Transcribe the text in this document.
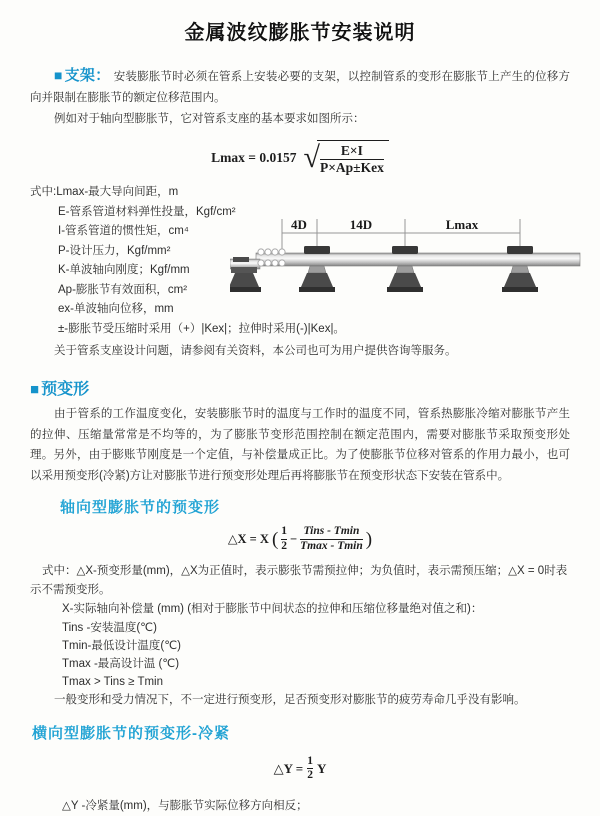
金属波纹膨胀节安装说明

■ 支架： 安装膨胀节时必须在管系上安装必要的支架，以控制管系的变形在膨胀节上产生的位移方向并限制在膨胀节的额定位移范围内。

例如对于轴向型膨胀节，它对管系支座的基本要求如图所示：

Lmax = 0.0157 √ $\frac{E\times I}{\text{P×Ap±Kex}}$
式中:Lmax-最大导向间距，m
E-管系管道材料弹性投量，Kgf/cm²
I-管系管道的惯性矩，cm⁴
P-设计压力，Kgf/mm²
K-单波轴向刚度；Kgf/mm
Ap-膨胀节有效面积，cm²
ex-单波轴向位移，mm
±-膨胀节受压缩时采用（+）|Kex|；拉伸时采用(-)|Kex|。
4D	14D	Lmax

关于管系支座设计问题，请参阅有关资料，本公司也可为用户提供咨询等服务。

■ 预变形

由于管系的工作温度变化，安装膨胀节时的温度与工作时的温度不同，管系热膨胀冷缩对膨胀节产生的拉伸、压缩量常常是不均等的，为了膨胀节变形范围控制在额定范围内，需要对膨胀节采取预变形处理。另外，由于膨账节刚度是一个定值，与补偿量成正比。为了使膨胀节位移对管系的作用力最小，也可以采用预变形(冷紧)方让对膨胀节进行预变形处理后再将膨胀节在预变形状态下安装在管系中。

轴向型膨胀节的预变形
△X = X ( $\frac{1}{2} - \frac{\text{Tins - Tmin}}{Tmax - Tmin}$ )

式中：△X-预变形量(mm)，△X为正值时，表示膨张节需预拉伸；为负值时，表示需预压缩；△X = 0时表示不需预变形。

X-实际轴向补偿量 (mm) (相对于膨胀节中间状态的拉伸和压缩位移量绝对值之和)：

Tins -安装温度(℃)

Tmin-最低设计温度(℃)

Tmax -最高设计温 (℃)

Tmax > Tins ≥ Tmin

一般变形和受力情况下，不一定进行预变形，足否预变形对膨胀节的疲劳寿命几乎没有影响。

横向型膨胀节的预变形-冷紧
△Y = $\frac{1}{2}$ Y

△Y -冷紧量(mm)，与膨胀节实际位移方向相反；
